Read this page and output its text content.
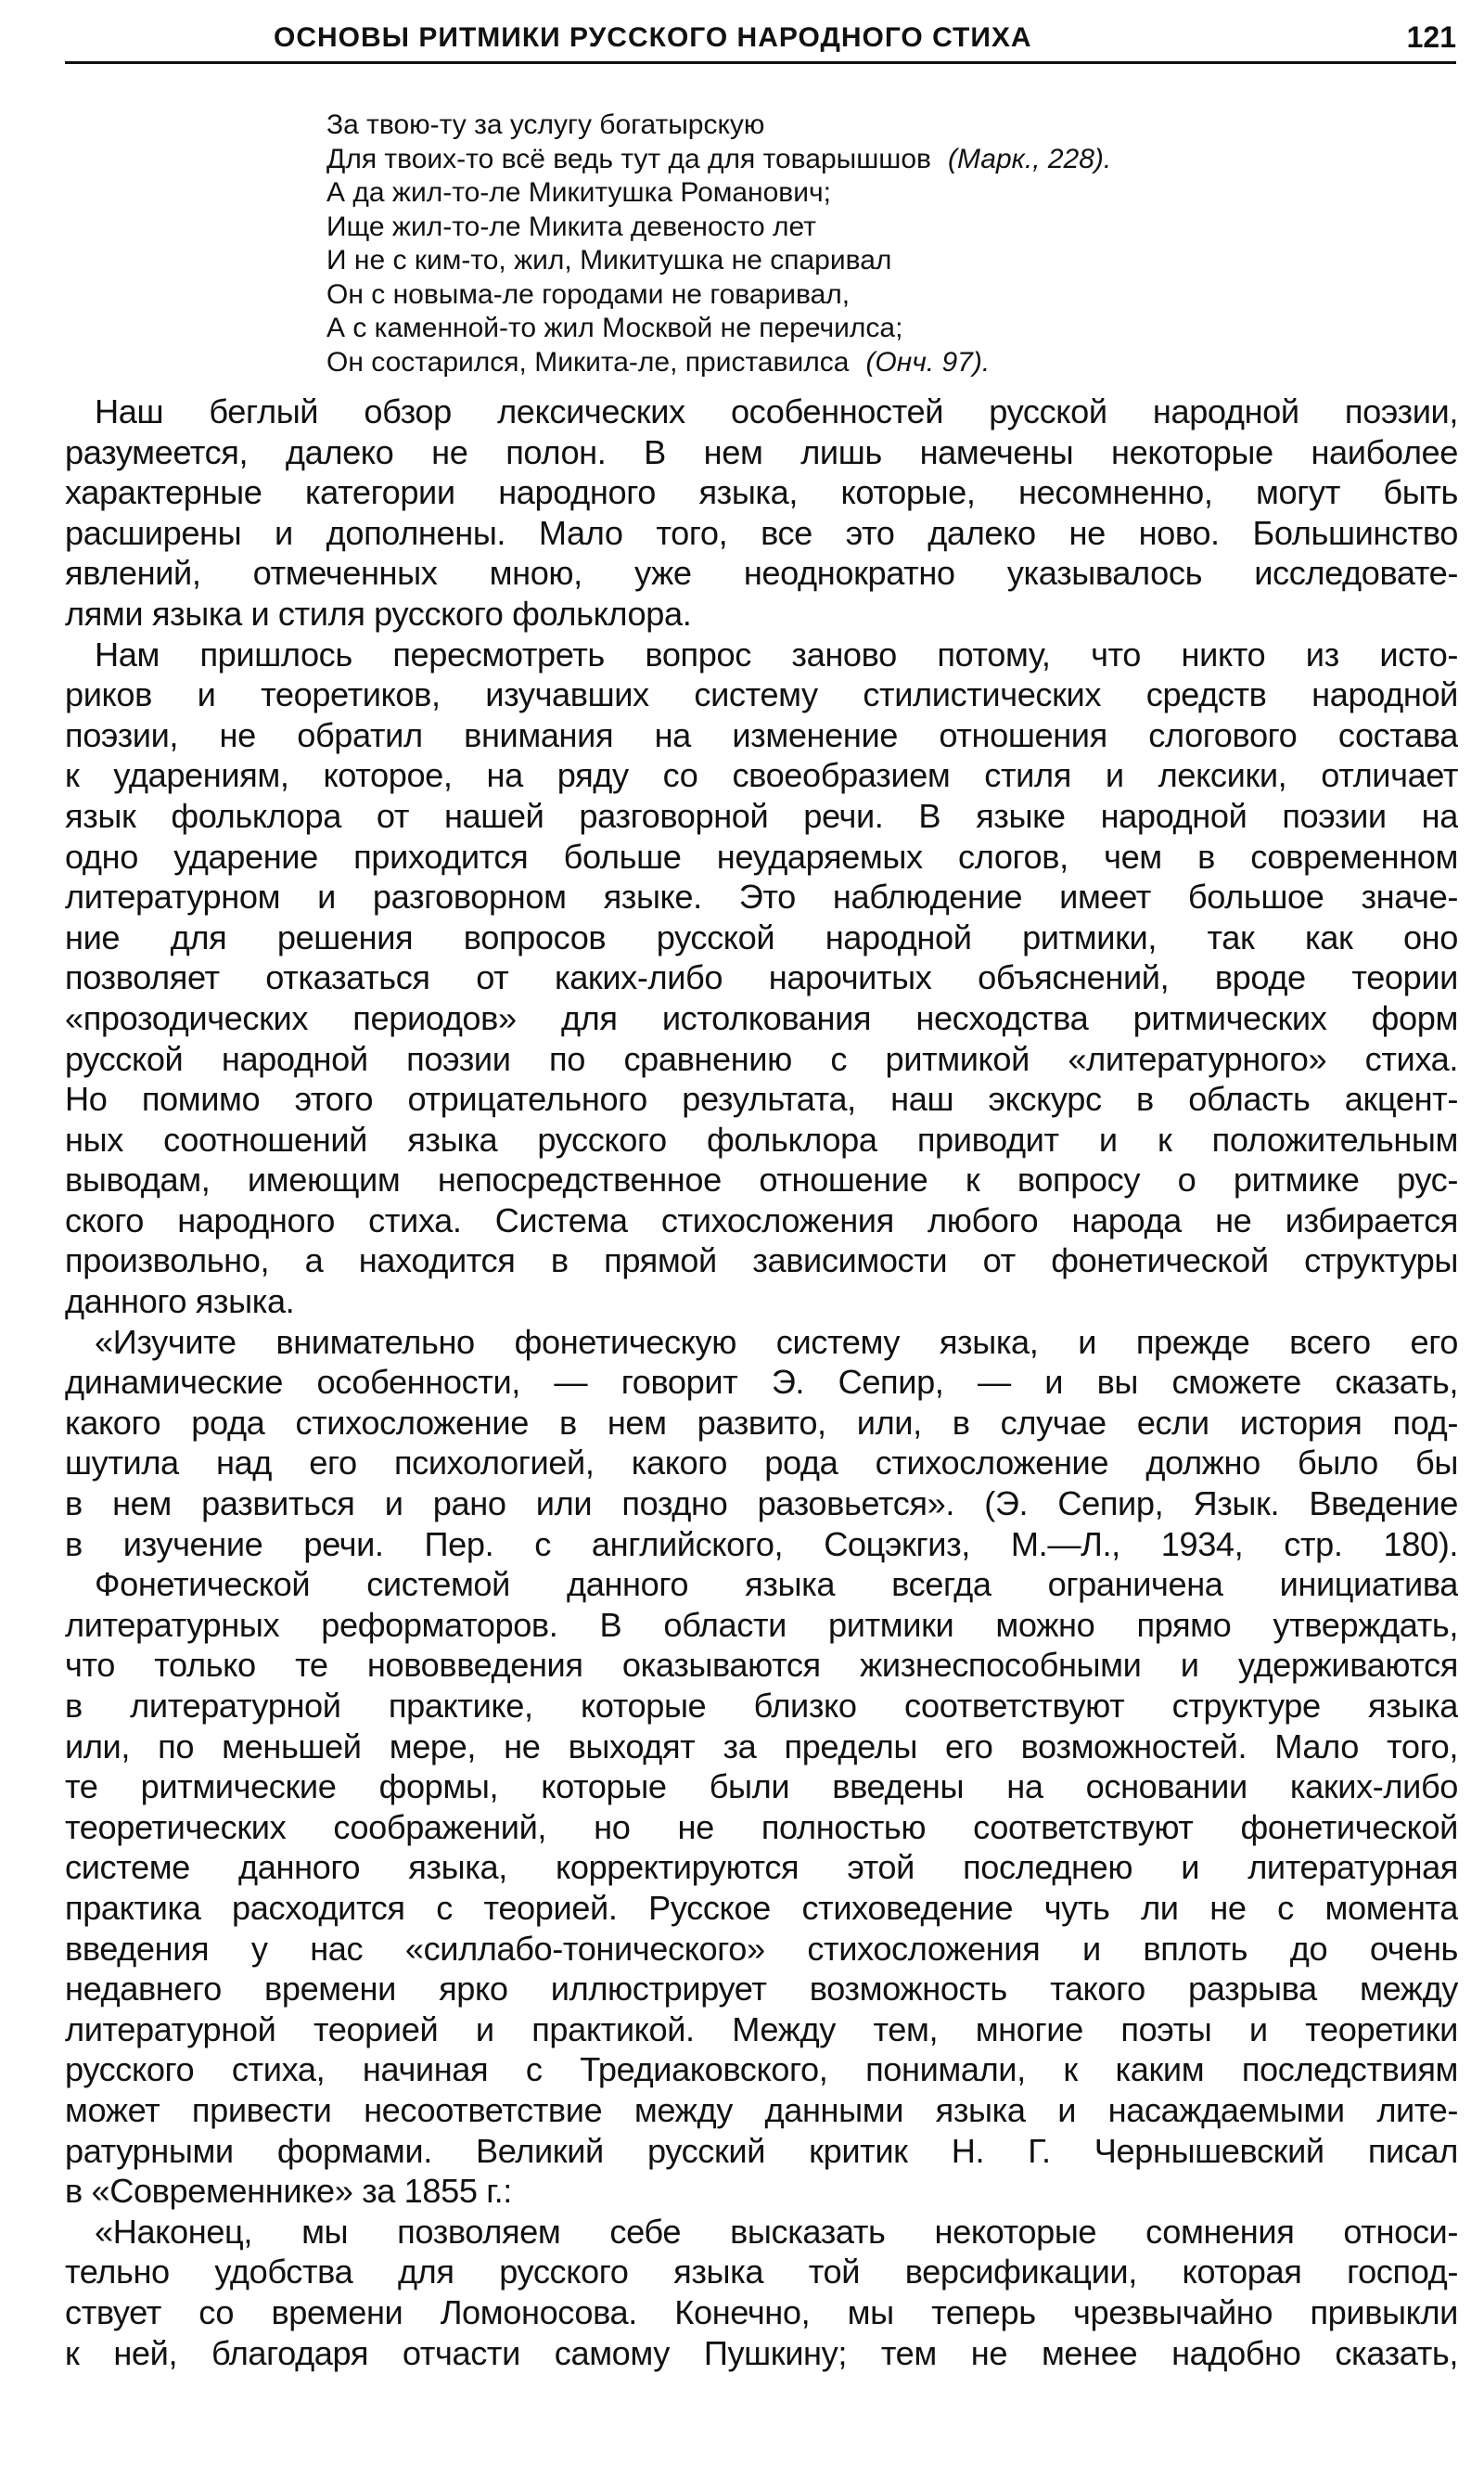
ОСНОВЫ РИТМИКИ РУССКОГО НАРОДНОГО СТИХА	121
За твою-ту за услугу богатырскую
Для твоих-то всё ведь тут да для товарышшов (Марк., 228).
А да жил-то-ле Микитушка Романович;
Ище жил-то-ле Микита девеносто лет
И не с ким-то, жил, Микитушка не спаривал
Он с новыма-ле городами не говаривал,
А с каменной-то жил Москвой не перечилса;
Он состарился, Микита-ле, приставилса (Онч. 97).
Наш беглый обзор лексических особенностей русской народной поэзии,
разумеется, далеко не полон. В нем лишь намечены некоторые наиболее
характерные категории народного языка, которые, несомненно, могут быть
расширены и дополнены. Мало того, все это далеко не ново. Большинство
явлений, отмеченных мною, уже неоднократно указывалось исследовате-
лями языка и стиля русского фольклора.
Нам пришлось пересмотреть вопрос заново потому, что никто из исто-
риков и теоретиков, изучавших систему стилистических средств народной
поэзии, не обратил внимания на изменение отношения слогового состава
к ударениям, которое, на ряду со своеобразием стиля и лексики, отличает
язык фольклора от нашей разговорной речи. В языке народной поэзии на
одно ударение приходится больше неударяемых слогов, чем в современном
литературном и разговорном языке. Это наблюдение имеет большое значе-
ние для решения вопросов русской народной ритмики, так как оно
позволяет отказаться от каких-либо нарочитых объяснений, вроде теории
«прозодических периодов» для истолкования несходства ритмических форм
русской народной поэзии по сравнению с ритмикой «литературного» стиха.
Но помимо этого отрицательного результата, наш экскурс в область акцент-
ных соотношений языка русского фольклора приводит и к положительным
выводам, имеющим непосредственное отношение к вопросу о ритмике рус-
ского народного стиха. Система стихосложения любого народа не избирается
произвольно, а находится в прямой зависимости от фонетической структуры
данного языка.
«Изучите внимательно фонетическую систему языка, и прежде всего его
динамические особенности, — говорит Э. Сепир, — и вы сможете сказать,
какого рода стихосложение в нем развито, или, в случае если история под-
шутила над его психологией, какого рода стихосложение должно было бы
в нем развиться и рано или поздно разовьется». (Э. Сепир, Язык. Введение
в изучение речи. Пер. с английского, Соцэкгиз, М.—Л., 1934, стр. 180).
Фонетической системой данного языка всегда ограничена инициатива
литературных реформаторов. В области ритмики можно прямо утверждать,
что только те нововведения оказываются жизнеспособными и удерживаются
в литературной практике, которые близко соответствуют структуре языка
или, по меньшей мере, не выходят за пределы его возможностей. Мало того,
те ритмические формы, которые были введены на основании каких-либо
теоретических соображений, но не полностью соответствуют фонетической
системе данного языка, корректируются этой последнею и литературная
практика расходится с теорией. Русское стиховедение чуть ли не с момента
введения у нас «силлабо-тонического» стихосложения и вплоть до очень
недавнего времени ярко иллюстрирует возможность такого разрыва между
литературной теорией и практикой. Между тем, многие поэты и теоретики
русского стиха, начиная с Тредиаковского, понимали, к каким последствиям
может привести несоответствие между данными языка и насаждаемыми лите-
ратурными формами. Великий русский критик Н. Г. Чернышевский писал
в «Современнике» за 1855 г.:
«Наконец, мы позволяем себе высказать некоторые сомнения относи-
тельно удобства для русского языка той версификации, которая господ-
ствует со времени Ломоносова. Конечно, мы теперь чрезвычайно привыкли
к ней, благодаря отчасти самому Пушкину; тем не менее надобно сказать,
